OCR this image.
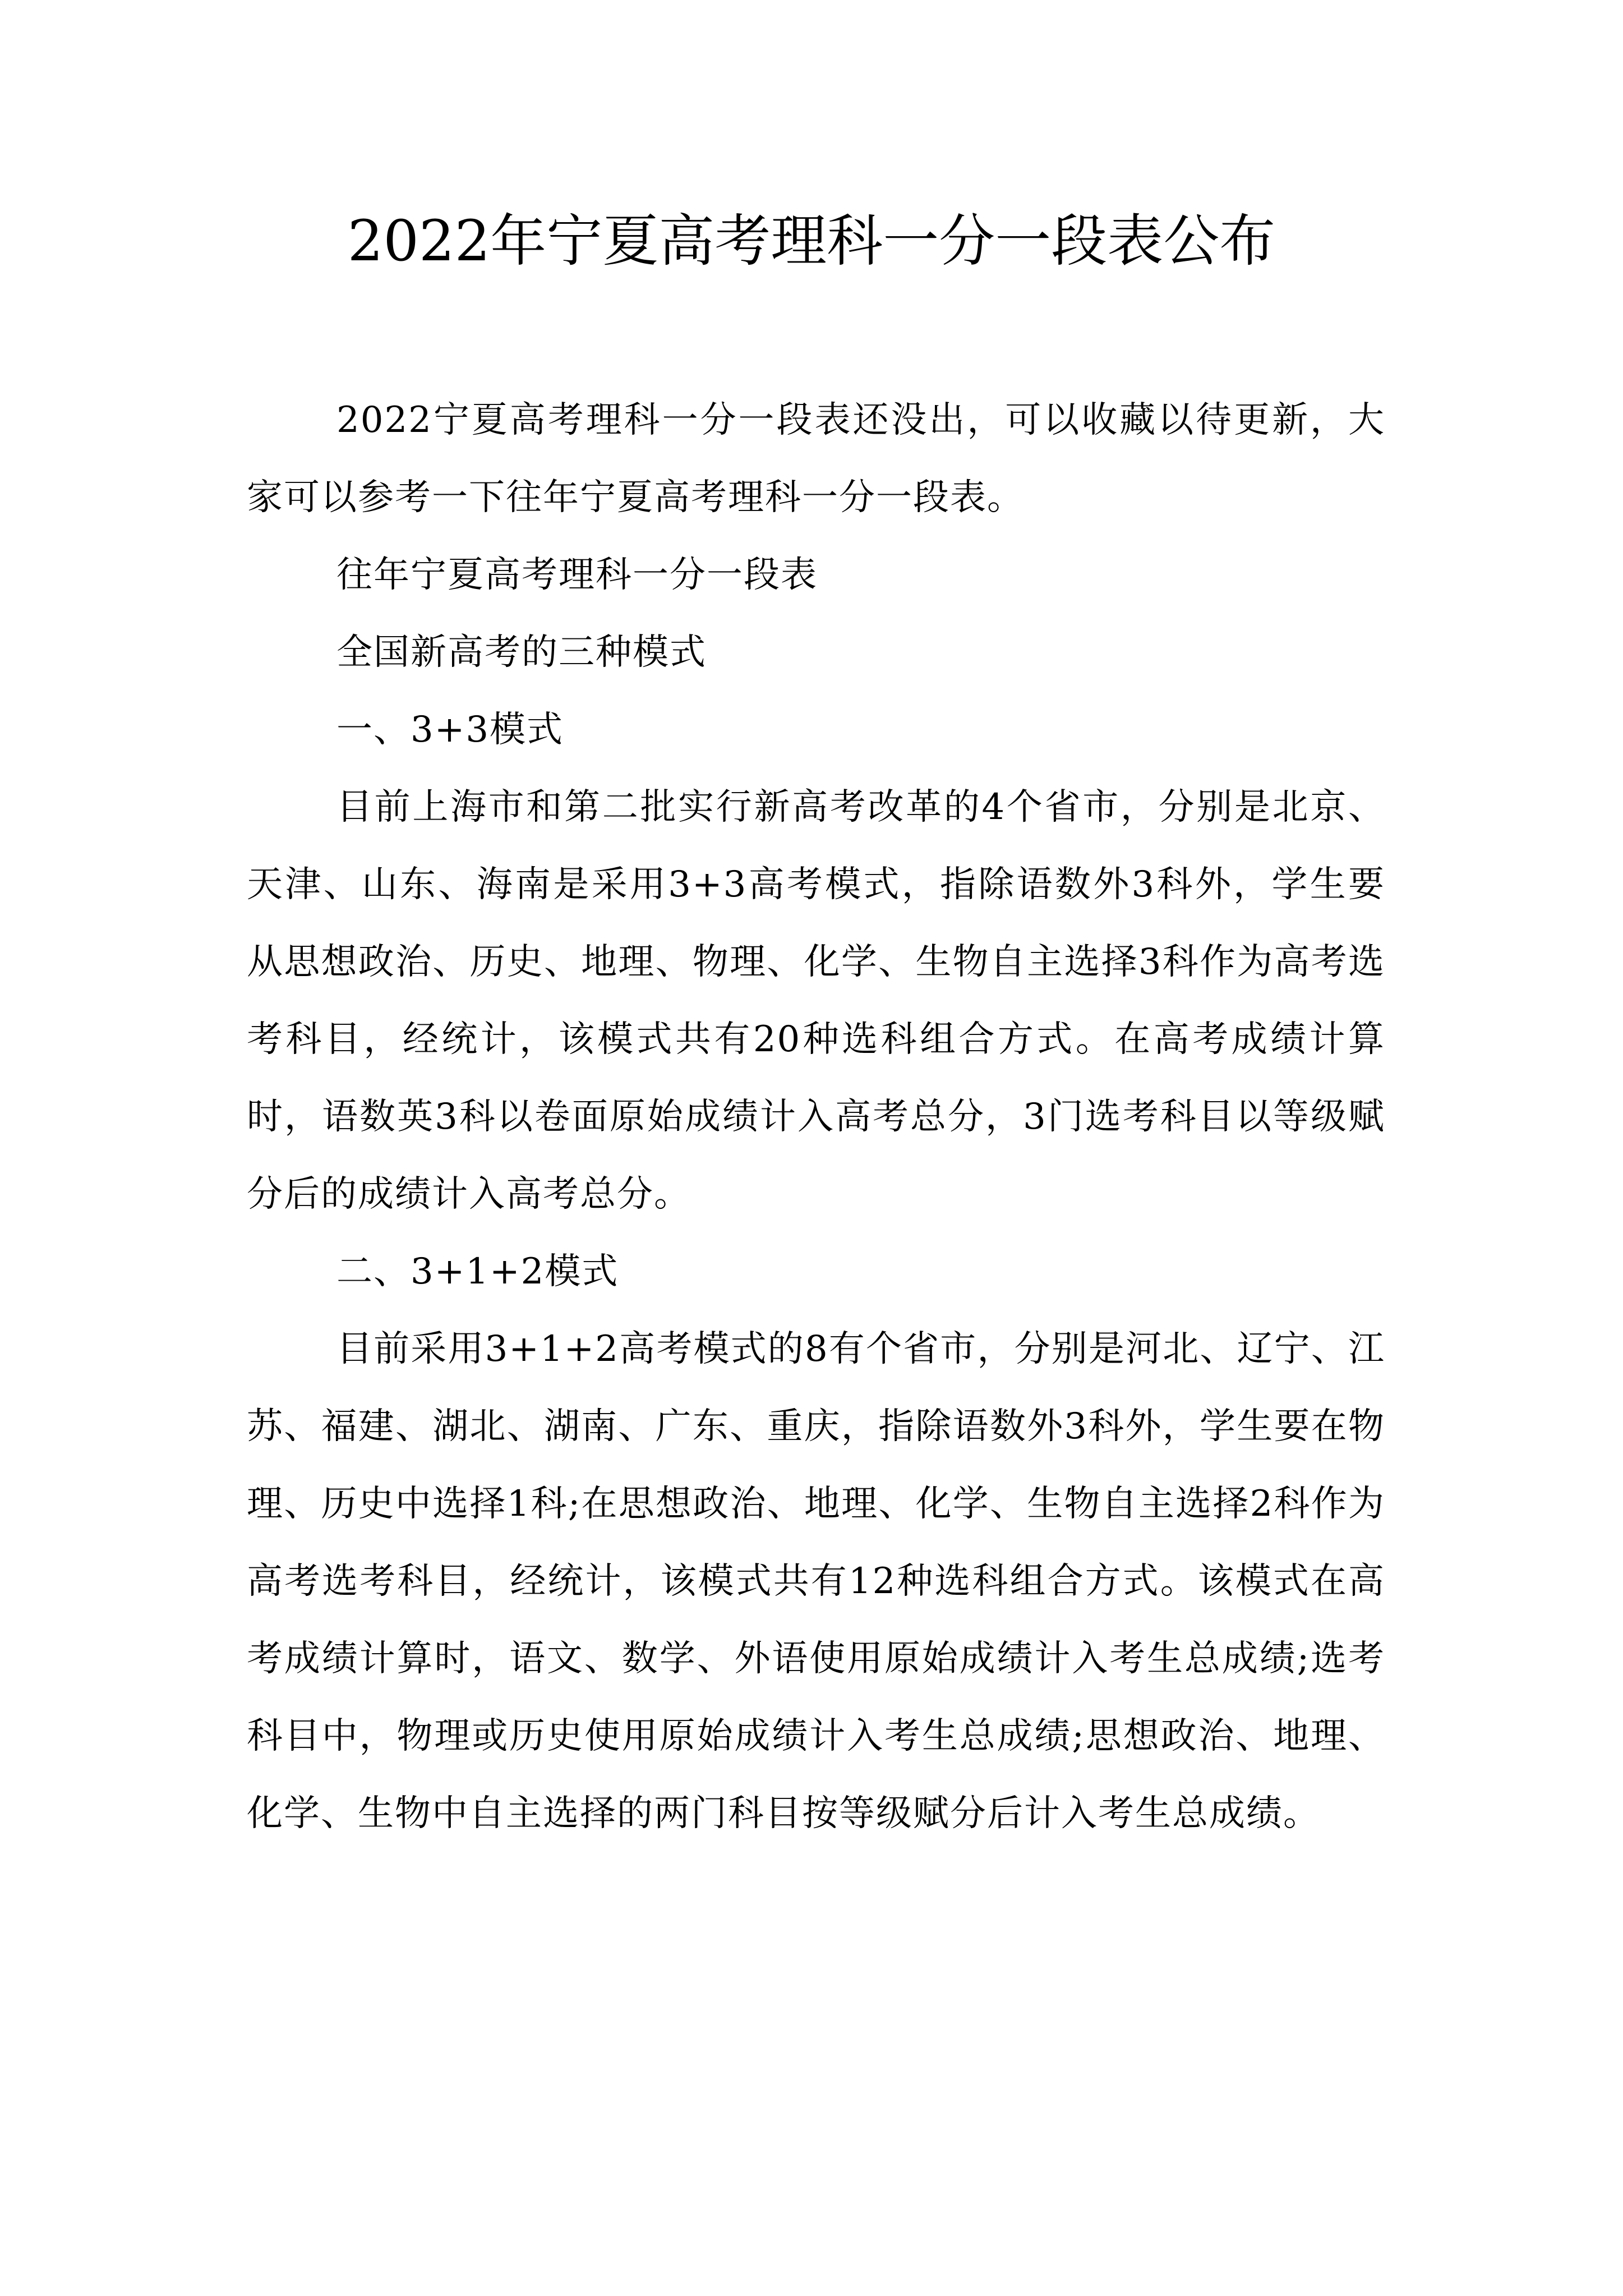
2022年宁夏高考理科一分一段表公布

2022宁夏高考理科一分一段表还没出，可以收藏以待更新，大家可以参考一下往年宁夏高考理科一分一段表。

往年宁夏高考理科一分一段表

全国新高考的三种模式

一、3+3模式

目前上海市和第二批实行新高考改革的4个省市，分别是北京、天津、山东、海南是采用3+3高考模式，指除语数外3科外，学生要从思想政治、历史、地理、物理、化学、生物自主选择3科作为高考选考科目，经统计，该模式共有20种选科组合方式。在高考成绩计算时，语数英3科以卷面原始成绩计入高考总分，3门选考科目以等级赋分后的成绩计入高考总分。

二、3+1+2模式

目前采用3+1+2高考模式的8有个省市，分别是河北、辽宁、江苏、福建、湖北、湖南、广东、重庆，指除语数外3科外，学生要在物理、历史中选择1科;在思想政治、地理、化学、生物自主选择2科作为高考选考科目，经统计，该模式共有12种选科组合方式。该模式在高考成绩计算时，语文、数学、外语使用原始成绩计入考生总成绩;选考科目中，物理或历史使用原始成绩计入考生总成绩;思想政治、地理、化学、生物中自主选择的两门科目按等级赋分后计入考生总成绩。
